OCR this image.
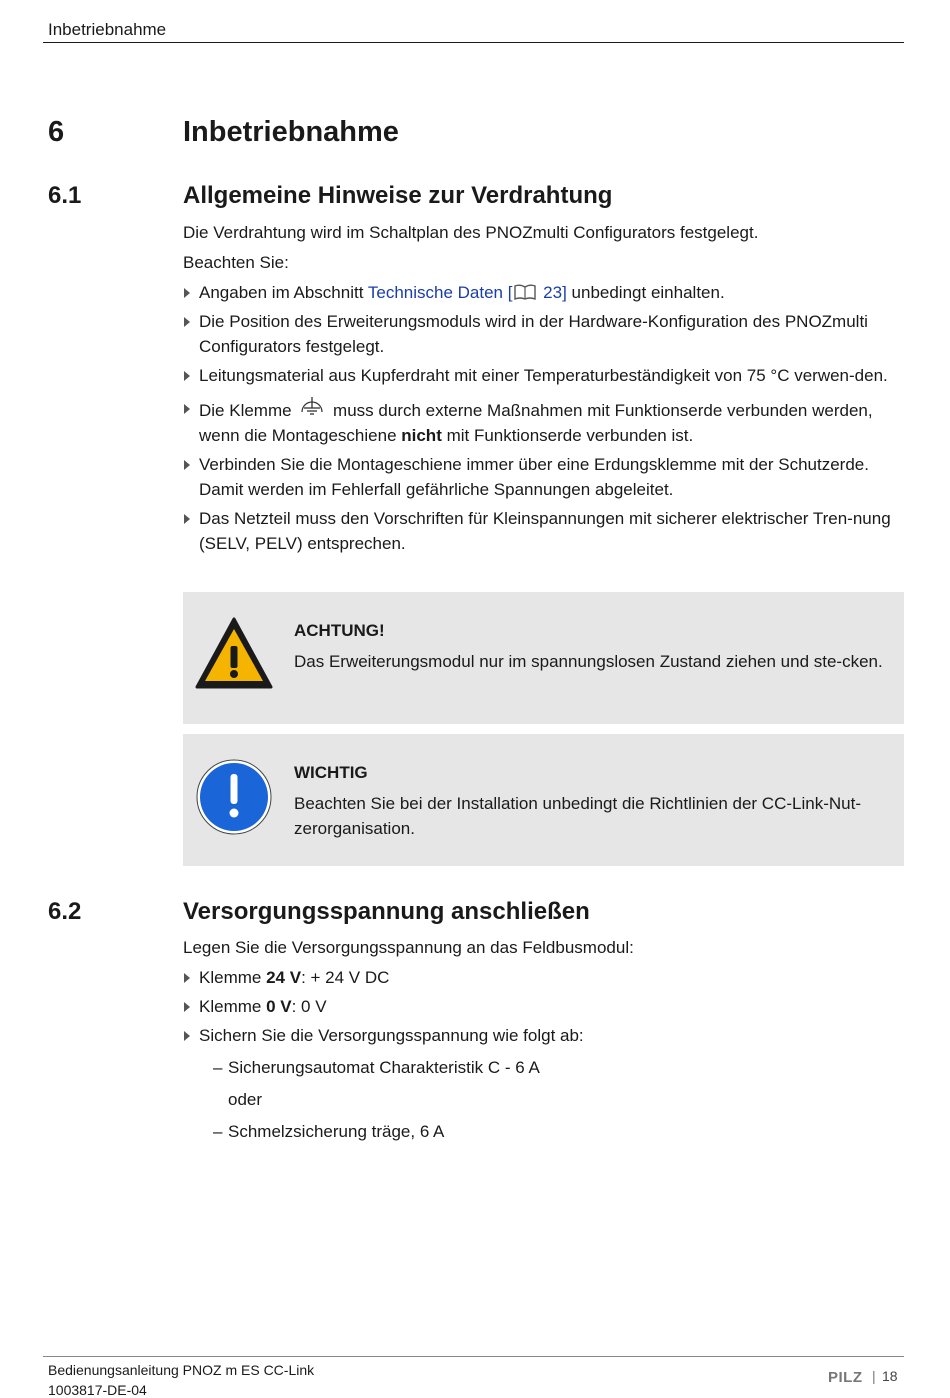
Inbetriebnahme
6	Inbetriebnahme
6.1	Allgemeine Hinweise zur Verdrahtung

Die Verdrahtung wird im Schaltplan des PNOZmulti Configurators festgelegt.

Beachten Sie:

Angaben im Abschnitt Technische Daten [ 23] unbedingt einhalten.
Die Position des Erweiterungsmoduls wird in der Hardware-Konfiguration des PNOZmulti Configurators festgelegt.
Leitungsmaterial aus Kupferdraht mit einer Temperaturbeständigkeit von 75 °C verwen-den.
Die Klemme  muss durch externe Maßnahmen mit Funktionserde verbunden werden, wenn die Montageschiene nicht mit Funktionserde verbunden ist.
Verbinden Sie die Montageschiene immer über eine Erdungsklemme mit der Schutzerde. Damit werden im Fehlerfall gefährliche Spannungen abgeleitet.
Das Netzteil muss den Vorschriften für Kleinspannungen mit sicherer elektrischer Tren-nung (SELV, PELV) entsprechen.
ACHTUNG!
Das Erweiterungsmodul nur im spannungslosen Zustand ziehen und ste-cken.
WICHTIG
Beachten Sie bei der Installation unbedingt die Richtlinien der CC-Link-Nut-zerorganisation.
6.2	Versorgungsspannung anschließen

Legen Sie die Versorgungsspannung an das Feldbusmodul:

Klemme 24 V: + 24 V DC
Klemme 0 V: 0 V
Sichern Sie die Versorgungsspannung wie folgt ab:
– Sicherungsautomat Charakteristik C - 6 A
oder
– Schmelzsicherung träge, 6 A
Bedienungsanleitung PNOZ m ES CC-Link
1003817-DE-04
PILZ | 18
